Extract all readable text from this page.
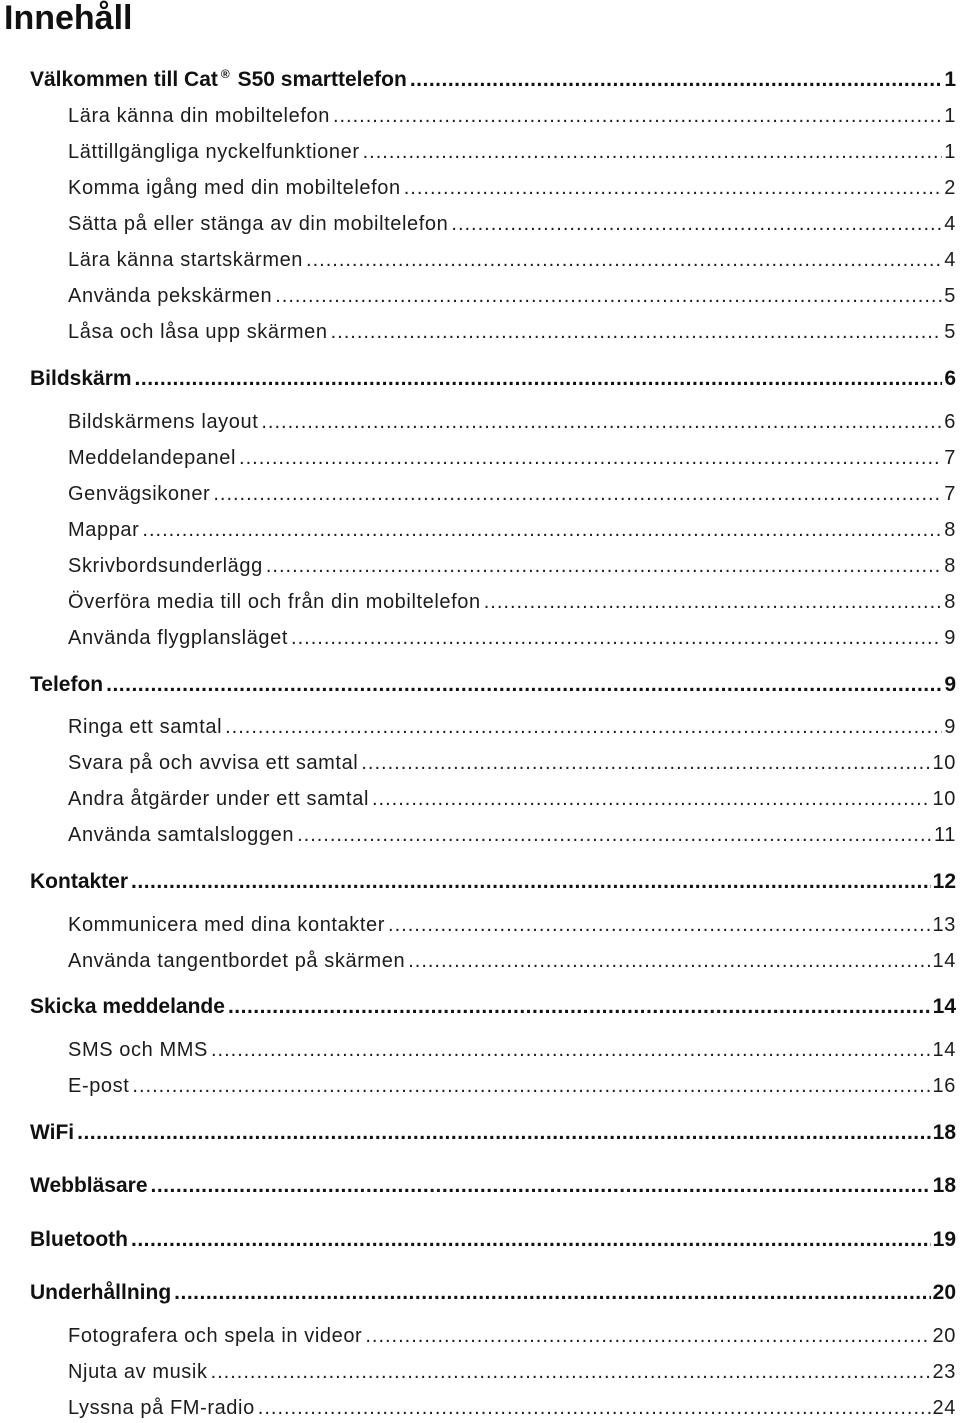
Innehåll
Välkommen till Cat ® S50 smarttelefon .....	1
Lära känna din mobiltelefon .....	1
Lättillgängliga nyckelfunktioner .....	1
Komma igång med din mobiltelefon .....	2
Sätta på eller stänga av din mobiltelefon .....	4
Lära känna startskärmen .....	4
Använda pekskärmen .....	5
Låsa och låsa upp skärmen .....	5
Bildskärm .....	6
Bildskärmens layout .....	6
Meddelandepanel .....	7
Genvägsikoner .....	7
Mappar .....	8
Skrivbordsunderlägg .....	8
Överföra media till och från din mobiltelefon .....	8
Använda flygplansläget .....	9
Telefon .....	9
Ringa ett samtal .....	9
Svara på och avvisa ett samtal .....	10
Andra åtgärder under ett samtal .....	10
Använda samtalsloggen .....	11
Kontakter .....	12
Kommunicera med dina kontakter .....	13
Använda tangentbordet på skärmen .....	14
Skicka meddelande .....	14
SMS och MMS .....	14
E-post .....	16
WiFi .....	18
Webbläsare .....	18
Bluetooth .....	19
Underhållning .....	20
Fotografera och spela in videor .....	20
Njuta av musik .....	23
Lyssna på FM-radio .....	24
